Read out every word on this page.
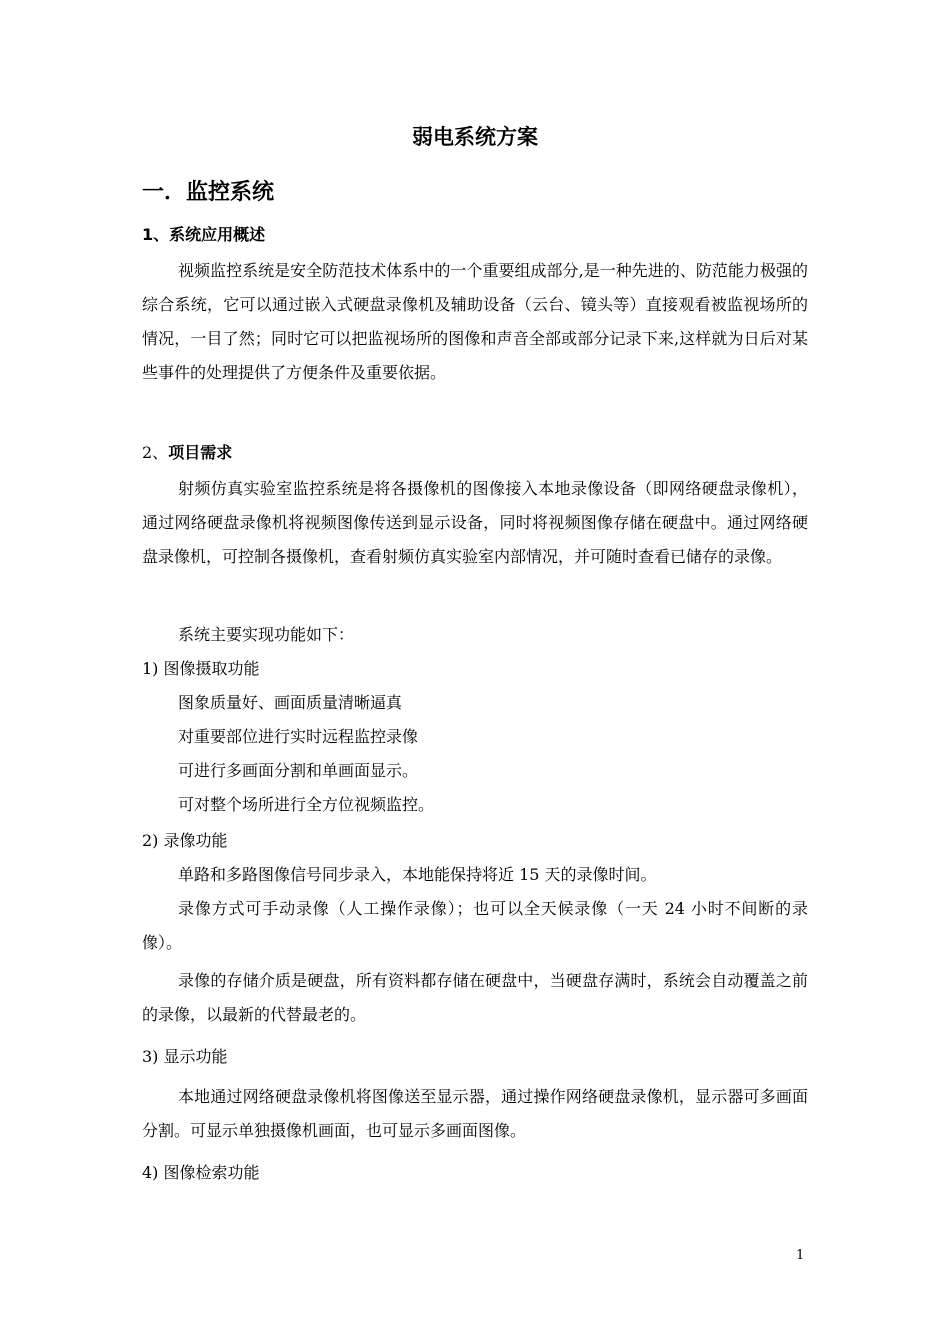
弱电系统方案
一．监控系统
1、系统应用概述
视频监控系统是安全防范技术体系中的一个重要组成部分,是一种先进的、防范能力极强的综合系统，它可以通过嵌入式硬盘录像机及辅助设备（云台、镜头等）直接观看被监视场所的情况，一目了然；同时它可以把监视场所的图像和声音全部或部分记录下来,这样就为日后对某些事件的处理提供了方便条件及重要依据。
2、项目需求
射频仿真实验室监控系统是将各摄像机的图像接入本地录像设备（即网络硬盘录像机），通过网络硬盘录像机将视频图像传送到显示设备，同时将视频图像存储在硬盘中。通过网络硬盘录像机，可控制各摄像机，查看射频仿真实验室内部情况，并可随时查看已储存的录像。
系统主要实现功能如下：
1) 图像摄取功能
图象质量好、画面质量清晰逼真
对重要部位进行实时远程监控录像
可进行多画面分割和单画面显示。
可对整个场所进行全方位视频监控。
2) 录像功能
单路和多路图像信号同步录入，本地能保持将近 15 天的录像时间。
录像方式可手动录像（人工操作录像）；也可以全天候录像（一天 24 小时不间断的录像）。
录像的存储介质是硬盘，所有资料都存储在硬盘中，当硬盘存满时，系统会自动覆盖之前的录像，以最新的代替最老的。
3) 显示功能
本地通过网络硬盘录像机将图像送至显示器，通过操作网络硬盘录像机，显示器可多画面分割。可显示单独摄像机画面，也可显示多画面图像。
4) 图像检索功能
1
